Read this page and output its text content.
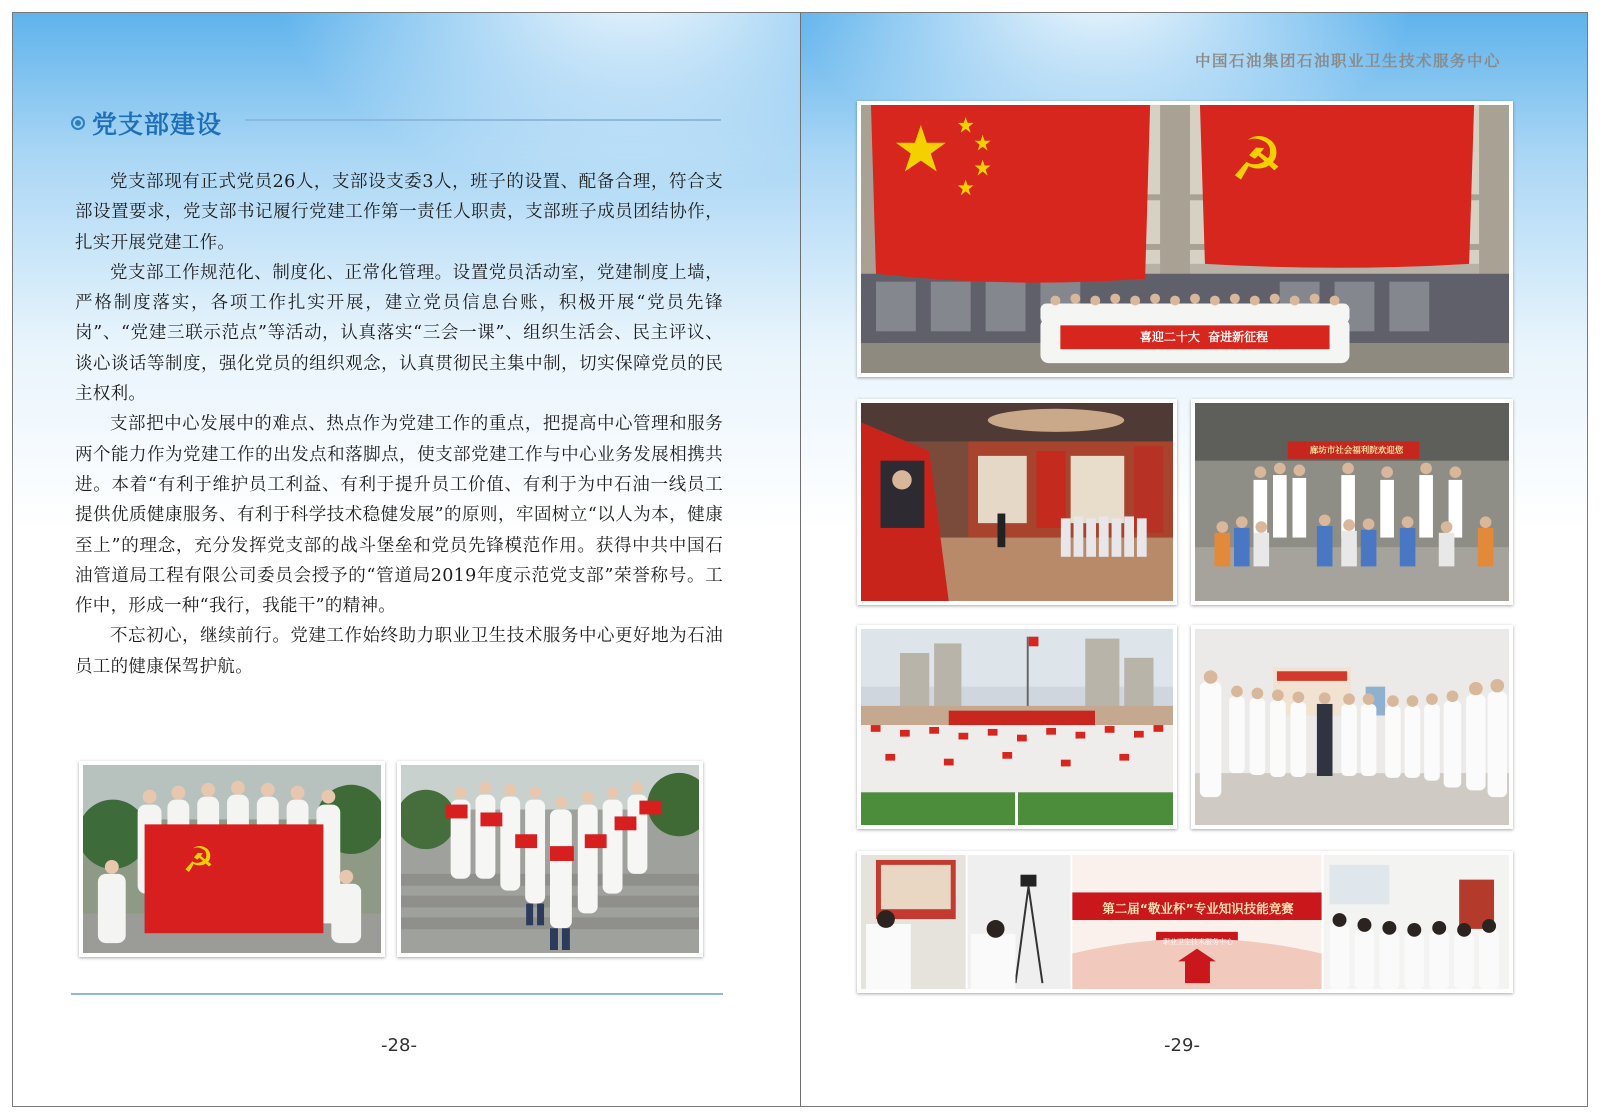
党支部建设

党支部现有正式党员26人，支部设支委3人，班子的设置、配备合理，符合支部设置要求，党支部书记履行党建工作第一责任人职责，支部班子成员团结协作，扎实开展党建工作。

党支部工作规范化、制度化、正常化管理。设置党员活动室，党建制度上墙，严格制度落实，各项工作扎实开展，建立党员信息台账，积极开展“党员先锋岗”、“党建三联示范点”等活动，认真落实“三会一课”、组织生活会、民主评议、谈心谈话等制度，强化党员的组织观念，认真贯彻民主集中制，切实保障党员的民主权利。

支部把中心发展中的难点、热点作为党建工作的重点，把提高中心管理和服务两个能力作为党建工作的出发点和落脚点，使支部党建工作与中心业务发展相携共进。本着“有利于维护员工利益、有利于提升员工价值、有利于为中石油一线员工提供优质健康服务、有利于科学技术稳健发展”的原则，牢固树立“以人为本，健康至上”的理念，充分发挥党支部的战斗堡垒和党员先锋模范作用。获得中共中国石油管道局工程有限公司委员会授予的“管道局2019年度示范党支部”荣誉称号。工作中，形成一种“我行，我能干”的精神。

不忘初心，继续前行。党建工作始终助力职业卫生技术服务中心更好地为石油员工的健康保驾护航。

☭
-28-
中国石油集团石油职业卫生技术服务中心
☭
喜迎二十大  奋进新征程
廊坊市社会福利院欢迎您
第二届“敬业杯”专业知识技能竞赛
职业卫生技术服务中心
-29-
